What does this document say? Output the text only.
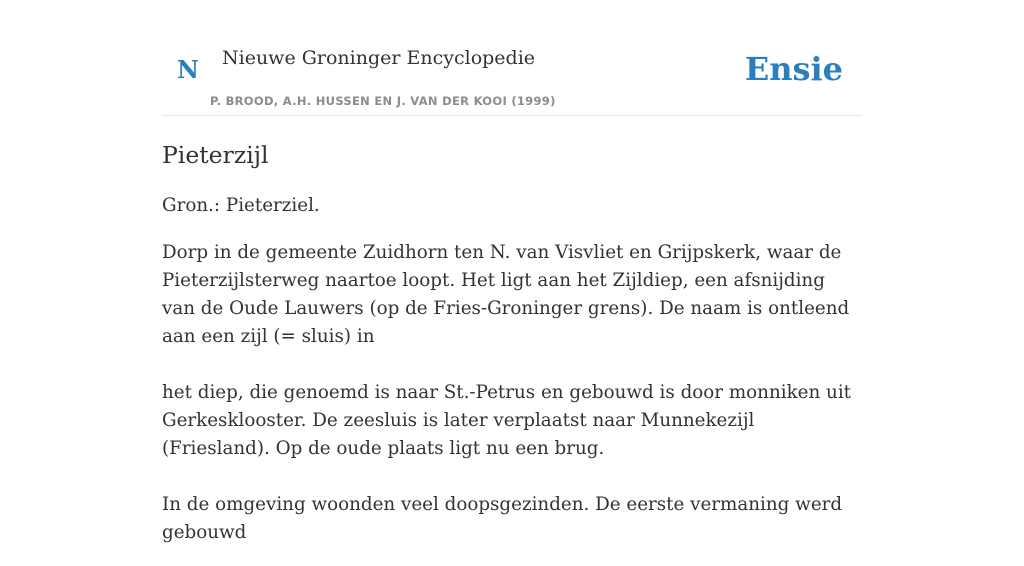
N Nieuwe Groninger Encyclopedie
P. BROOD, A.H. HUSSEN EN J. VAN DER KOOI (1999)
Ensie
Pieterzijl

Gron.: Pieterziel.

Dorp in de gemeente Zuidhorn ten N. van Visvliet en Grijpskerk, waar de Pieterzijlsterweg naartoe loopt. Het ligt aan het Zijldiep, een afsnijding van de Oude Lauwers (op de Fries-Groninger grens). De naam is ontleend aan een zijl (= sluis) in

het diep, die genoemd is naar St.-Petrus en gebouwd is door monniken uit Gerkesklooster. De zeesluis is later verplaatst naar Munnekezijl (Friesland). Op de oude plaats ligt nu een brug.

In de omgeving woonden veel doopsgezinden. De eerste vermaning werd gebouwd
